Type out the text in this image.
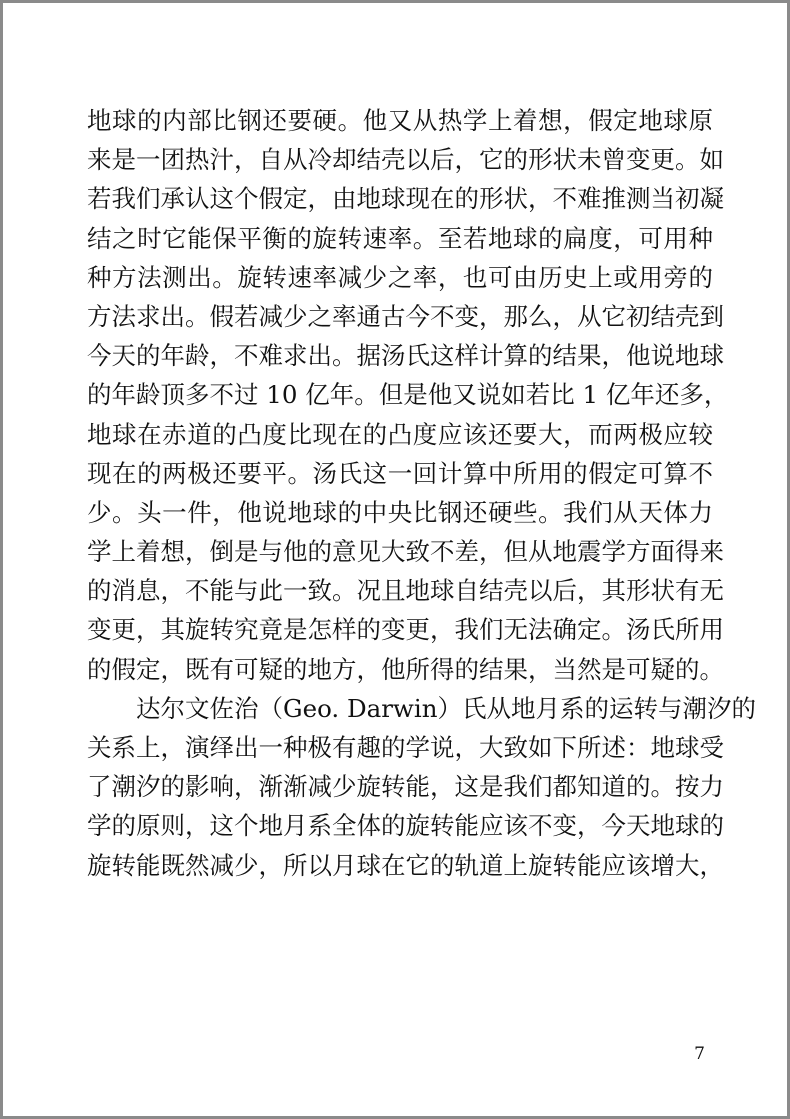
地球的内部比钢还要硬。他又从热学上着想，假定地球原
来是一团热汁，自从冷却结壳以后，它的形状未曾变更。如
若我们承认这个假定，由地球现在的形状，不难推测当初凝
结之时它能保平衡的旋转速率。至若地球的扁度，可用种
种方法测出。旋转速率减少之率，也可由历史上或用旁的
方法求出。假若减少之率通古今不变，那么，从它初结壳到
今天的年龄，不难求出。据汤氏这样计算的结果，他说地球
的年龄顶多不过 10 亿年。但是他又说如若比 1 亿年还多，
地球在赤道的凸度比现在的凸度应该还要大，而两极应较
现在的两极还要平。汤氏这一回计算中所用的假定可算不
少。头一件，他说地球的中央比钢还硬些。我们从天体力
学上着想，倒是与他的意见大致不差，但从地震学方面得来
的消息，不能与此一致。况且地球自结壳以后，其形状有无
变更，其旋转究竟是怎样的变更，我们无法确定。汤氏所用
的假定，既有可疑的地方，他所得的结果，当然是可疑的。
达尔文佐治（Geo. Darwin）氏从地月系的运转与潮汐的
关系上，演绎出一种极有趣的学说，大致如下所述：地球受
了潮汐的影响，渐渐减少旋转能，这是我们都知道的。按力
学的原则，这个地月系全体的旋转能应该不变，今天地球的
旋转能既然减少，所以月球在它的轨道上旋转能应该增大，
7
